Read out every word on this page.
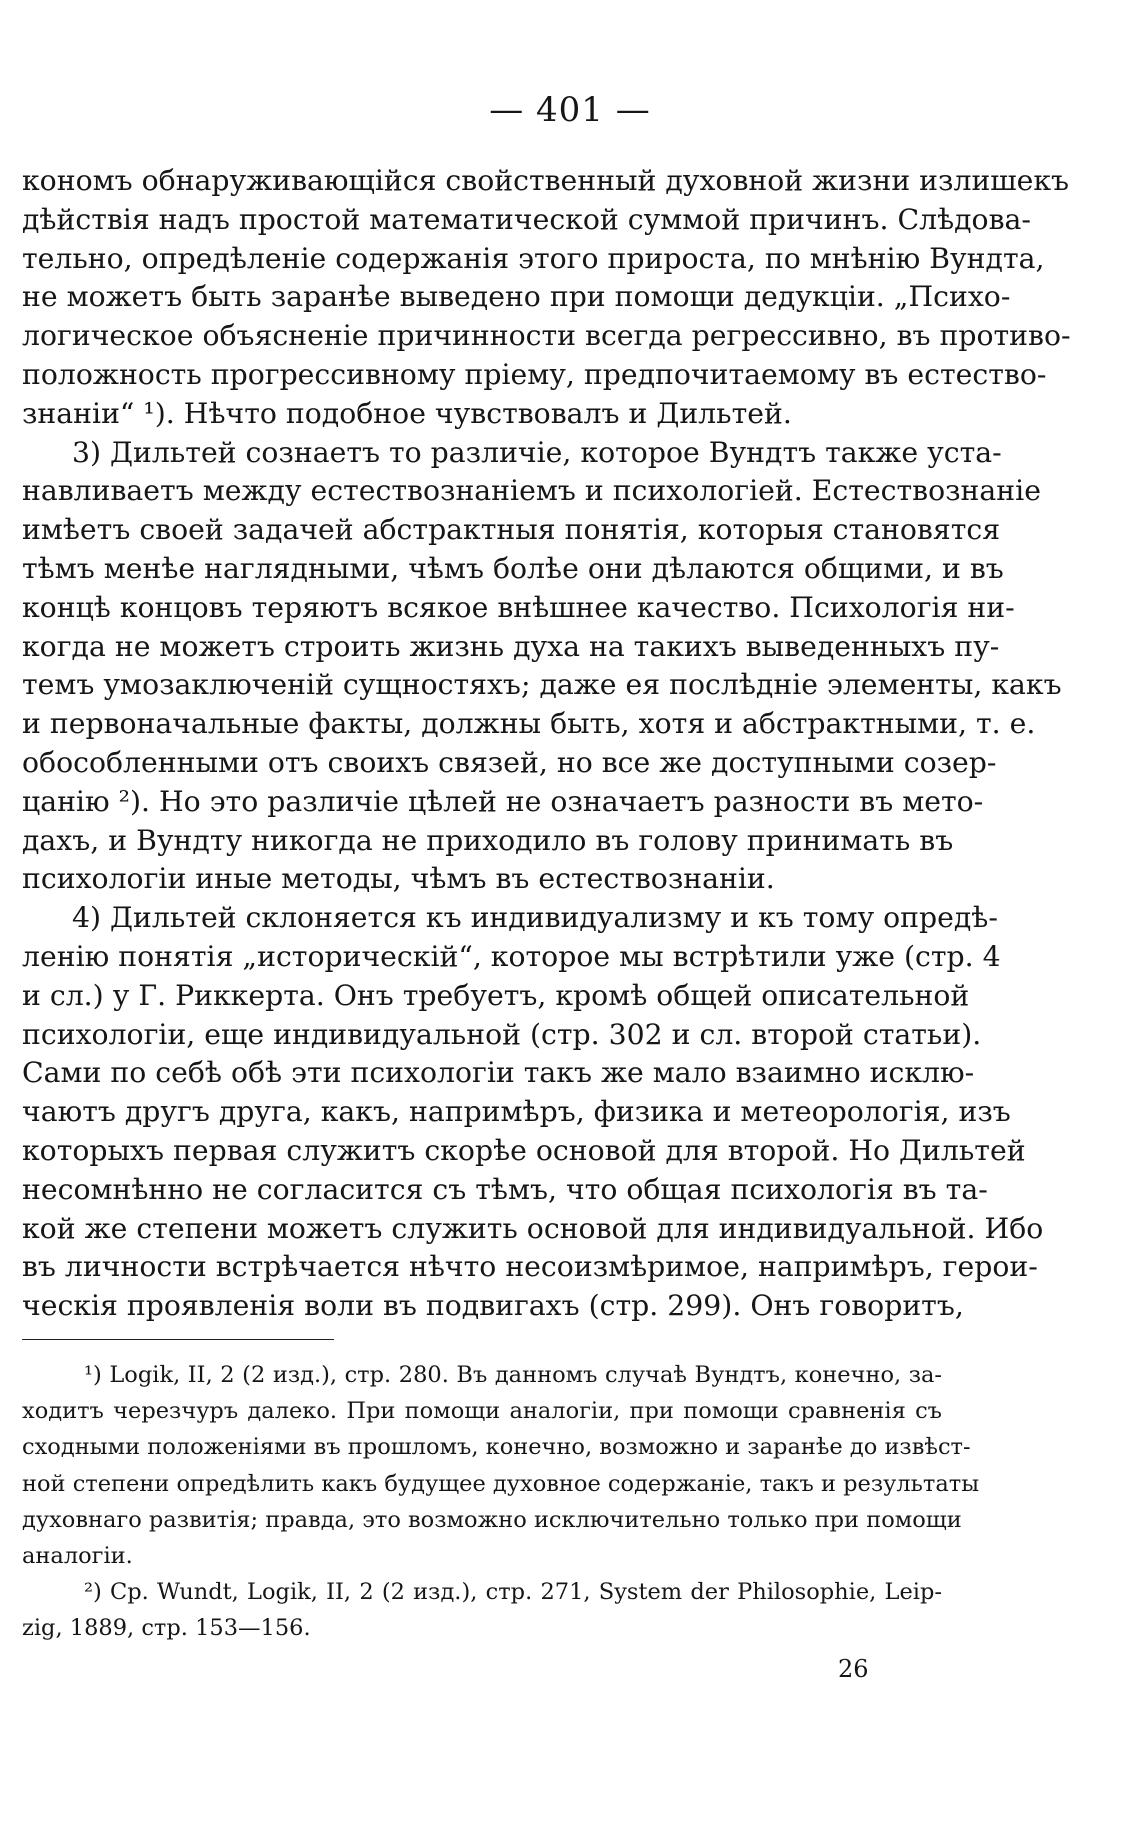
— 401 —
кономъ обнаруживающійся свойственный духовной жизни излишекъ
дѣйствія надъ простой математической суммой причинъ. Слѣдова-
тельно, опредѣленіе содержанія этого прироста, по мнѣнію Вундта,
не можетъ быть заранѣе выведено при помощи дедукціи. „Психо-
логическое объясненіе причинности всегда регрессивно, въ противо-
положность прогрессивному пріему, предпочитаемому въ естество-
знаніи“ ¹). Нѣчто подобное чувствовалъ и Дильтей.
3) Дильтей сознаетъ то различіе, которое Вундтъ также уста-
навливаетъ между естествознаніемъ и психологіей. Естествознаніе
имѣетъ своей задачей абстрактныя понятія, которыя становятся
тѣмъ менѣе наглядными, чѣмъ болѣе они дѣлаются общими, и въ
концѣ концовъ теряютъ всякое внѣшнее качество. Психологія ни-
когда не можетъ строить жизнь духа на такихъ выведенныхъ пу-
темъ умозаключеній сущностяхъ; даже ея послѣдніе элементы, какъ
и первоначальные факты, должны быть, хотя и абстрактными, т. е.
обособленными отъ своихъ связей, но все же доступными созер-
цанію ²). Но это различіе цѣлей не означаетъ разности въ мето-
дахъ, и Вундту никогда не приходило въ голову принимать въ
психологіи иные методы, чѣмъ въ естествознаніи.
4) Дильтей склоняется къ индивидуализму и къ тому опредѣ-
ленію понятія „историческій“, которое мы встрѣтили уже (стр. 4
и сл.) у Г. Риккерта. Онъ требуетъ, кромѣ общей описательной
психологіи, еще индивидуальной (стр. 302 и сл. второй статьи).
Сами по себѣ обѣ эти психологіи такъ же мало взаимно исклю-
чаютъ другъ друга, какъ, напримѣръ, физика и метеорологія, изъ
которыхъ первая служитъ скорѣе основой для второй. Но Дильтей
несомнѣнно не согласится съ тѣмъ, что общая психологія въ та-
кой же степени можетъ служить основой для индивидуальной. Ибо
въ личности встрѣчается нѣчто несоизмѣримое, напримѣръ, герои-
ческія проявленія воли въ подвигахъ (стр. 299). Онъ говоритъ,
¹) Logik, II, 2 (2 изд.), стр. 280. Въ данномъ случаѣ Вундтъ, конечно, за-
ходитъ черезчуръ далеко. При помощи аналогіи, при помощи сравненія съ
сходными положеніями въ прошломъ, конечно, возможно и заранѣе до извѣст-
ной степени опредѣлить какъ будущее духовное содержаніе, такъ и результаты
духовнаго развитія; правда, это возможно исключительно только при помощи
аналогіи.
²) Ср. Wundt, Logik, II, 2 (2 изд.), стр. 271, System der Philosophie, Leip-
zig, 1889, стр. 153—156.
26
